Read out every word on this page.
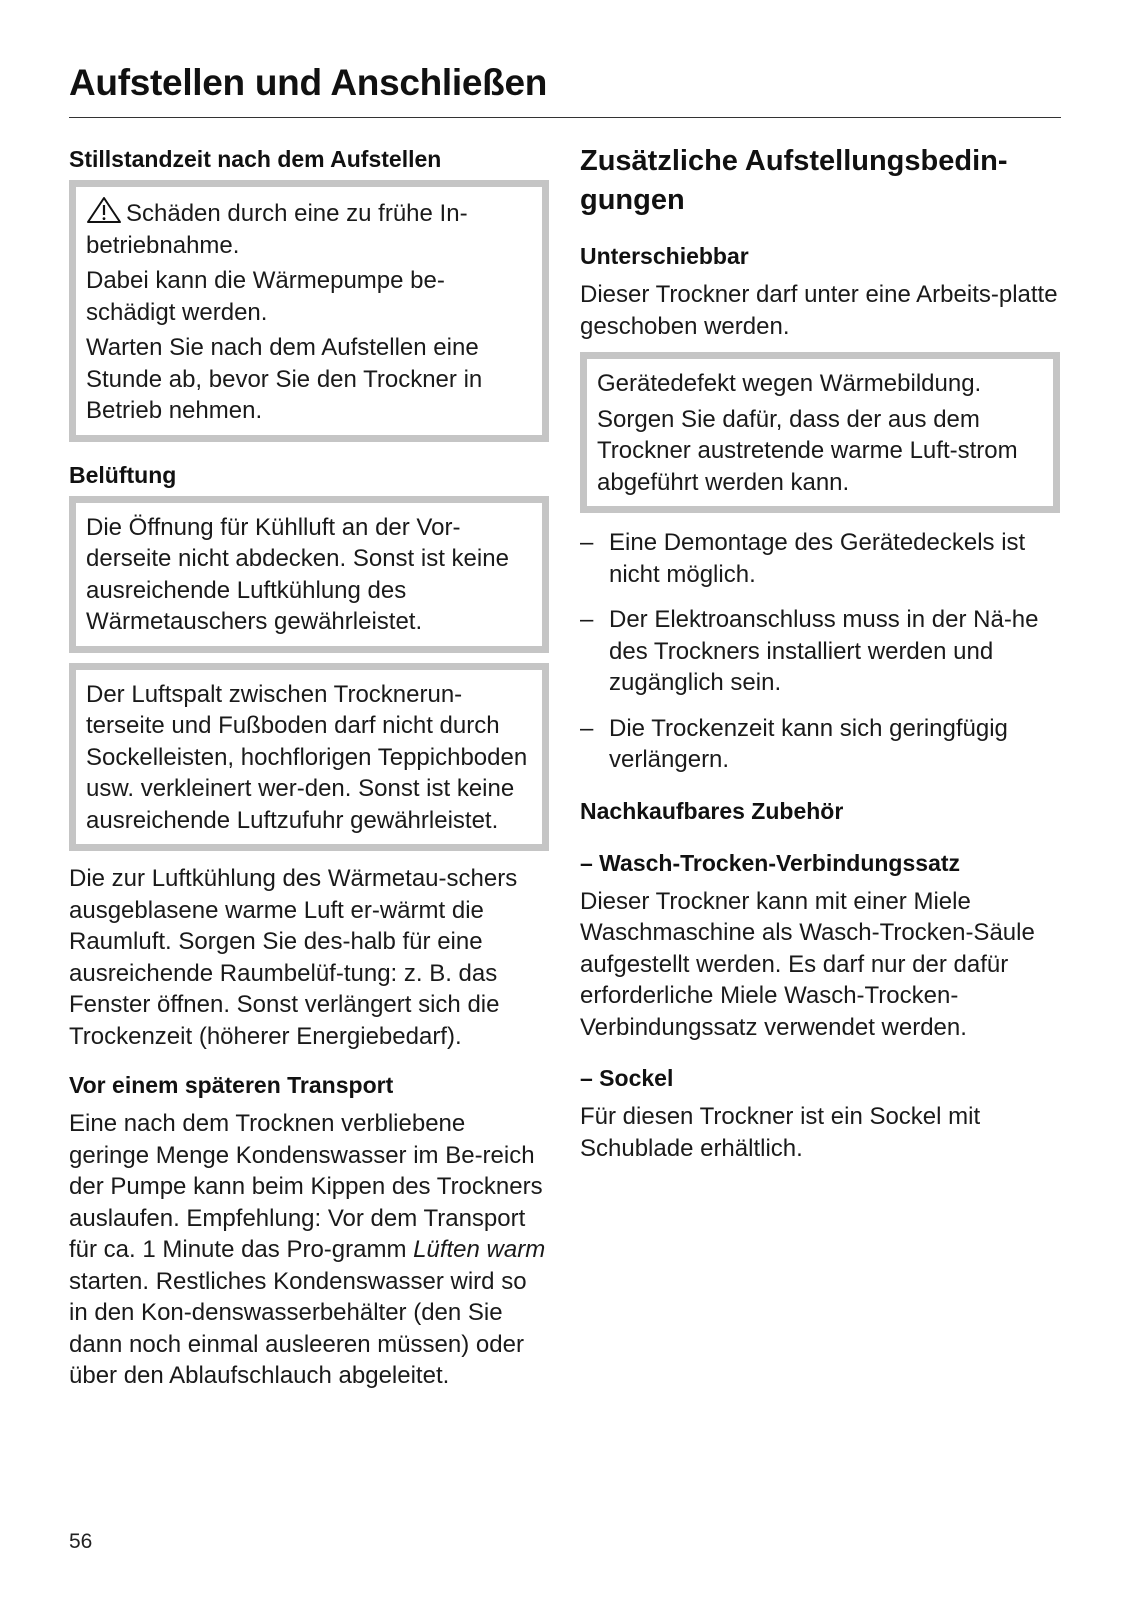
Aufstellen und Anschließen
Stillstandzeit nach dem Aufstellen

Schäden durch eine zu frühe In-betriebnahme.

Dabei kann die Wärmepumpe be-schädigt werden.

Warten Sie nach dem Aufstellen eine Stunde ab, bevor Sie den Trockner in Betrieb nehmen.

Belüftung

Die Öffnung für Kühlluft an der Vor-derseite nicht abdecken. Sonst ist keine ausreichende Luftkühlung des Wärmetauschers gewährleistet.

Der Luftspalt zwischen Trocknerun-terseite und Fußboden darf nicht durch Sockelleisten, hochflorigen Teppichboden usw. verkleinert wer-den. Sonst ist keine ausreichende Luftzufuhr gewährleistet.

Die zur Luftkühlung des Wärmetau-schers ausgeblasene warme Luft er-wärmt die Raumluft. Sorgen Sie des-halb für eine ausreichende Raumbelüf-tung: z. B. das Fenster öffnen. Sonst verlängert sich die Trockenzeit (höherer Energiebedarf).

Vor einem späteren Transport

Eine nach dem Trocknen verbliebene geringe Menge Kondenswasser im Be-reich der Pumpe kann beim Kippen des Trockners auslaufen. Empfehlung: Vor dem Transport für ca. 1 Minute das Pro-gramm Lüften warm starten. Restliches Kondenswasser wird so in den Kon-denswasserbehälter (den Sie dann noch einmal ausleeren müssen) oder über den Ablaufschlauch abgeleitet.

Zusätzliche Aufstellungsbedin-
gungen
Unterschiebbar

Dieser Trockner darf unter eine Arbeits-platte geschoben werden.

Gerätedefekt wegen Wärmebildung.

Sorgen Sie dafür, dass der aus dem Trockner austretende warme Luft-strom abgeführt werden kann.

– Eine Demontage des Gerätedeckels ist nicht möglich.
– Der Elektroanschluss muss in der Nä-he des Trockners installiert werden und zugänglich sein.
– Die Trockenzeit kann sich geringfügig verlängern.
Nachkaufbares Zubehör
– Wasch-Trocken-Verbindungssatz

Dieser Trockner kann mit einer Miele Waschmaschine als Wasch-Trocken-Säule aufgestellt werden. Es darf nur der dafür erforderliche Miele Wasch-Trocken-Verbindungssatz verwendet werden.

– Sockel

Für diesen Trockner ist ein Sockel mit Schublade erhältlich.

56
